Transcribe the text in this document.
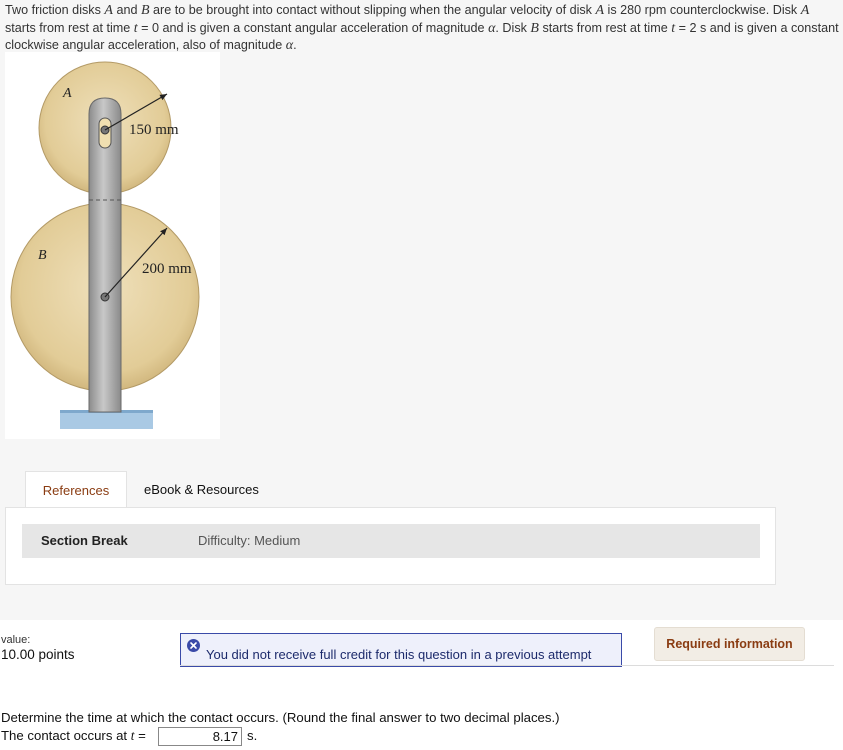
Two friction disks A and B are to be brought into contact without slipping when the angular velocity of disk A is 280 rpm counterclockwise. Disk A starts from rest at time t = 0 and is given a constant angular acceleration of magnitude α. Disk B starts from rest at time t = 2 s and is given a constant clockwise angular acceleration, also of magnitude α.
A
B
150 mm
200 mm
References	eBook & Resources
Section Break	Difficulty: Medium
value:
10.00 points	You did not receive full credit for this question in a previous attempt
Required information
Determine the time at which the contact occurs. (Round the final answer to two decimal places.)
The contact occurs at t =
8.17	s.
